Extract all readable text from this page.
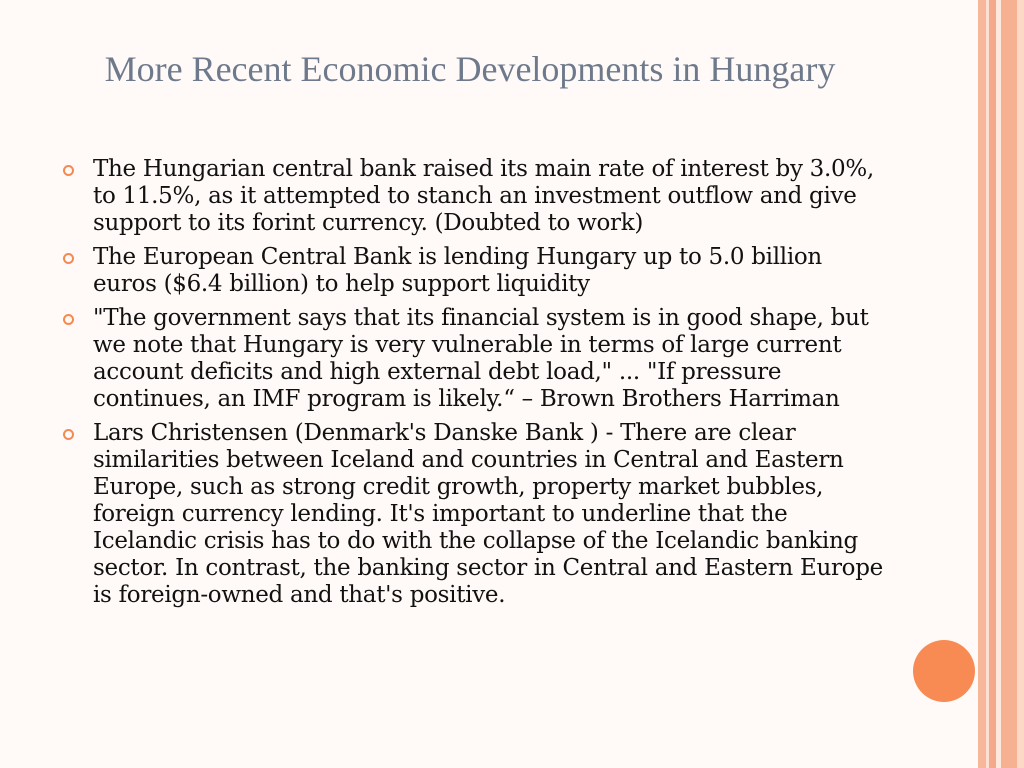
More Recent Economic Developments in Hungary
The Hungarian central bank raised its main rate of interest by 3.0%, to 11.5%, as it attempted to stanch an investment outflow and give support to its forint currency. (Doubted to work)
The European Central Bank is lending Hungary up to 5.0 billion euros ($6.4 billion) to help support liquidity
"The government says that its financial system is in good shape, but we note that Hungary is very vulnerable in terms of large current account deficits and high external debt load," ... "If pressure continues, an IMF program is likely.“ – Brown Brothers Harriman
Lars Christensen (Denmark's Danske Bank ) - There are clear similarities between Iceland and countries in Central and Eastern Europe, such as strong credit growth, property market bubbles, foreign currency lending. It's important to underline that the Icelandic crisis has to do with the collapse of the Icelandic banking sector. In contrast, the banking sector in Central and Eastern Europe is foreign-owned and that's positive.
